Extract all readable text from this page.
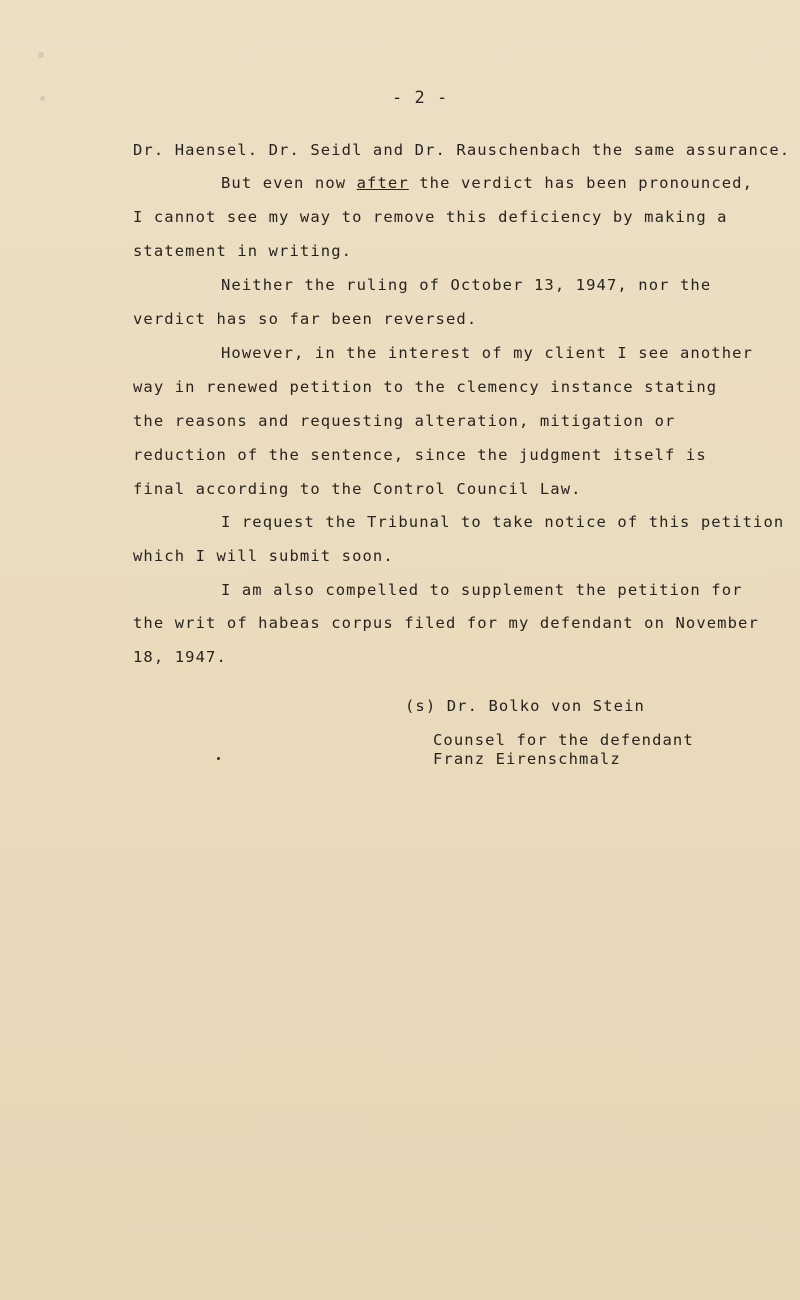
- 2 -
Dr. Haensel. Dr. Seidl and Dr. Rauschenbach the same assurance.
But even now after the verdict has been pronounced,
I cannot see my way to remove this deficiency by making a
statement in writing.
Neither the ruling of October 13, 1947, nor the
verdict has so far been reversed.
However, in the interest of my client I see another
way in renewed petition to the clemency instance stating
the reasons and requesting alteration, mitigation or
reduction of the sentence, since the judgment itself is
final according to the Control Council Law.
I request the Tribunal to take notice of this petition
which I will submit soon.
I am also compelled to supplement the petition for
the writ of habeas corpus filed for my defendant on November
18, 1947.
(s) Dr. Bolko von Stein
Counsel for the defendant
Franz Eirenschmalz
